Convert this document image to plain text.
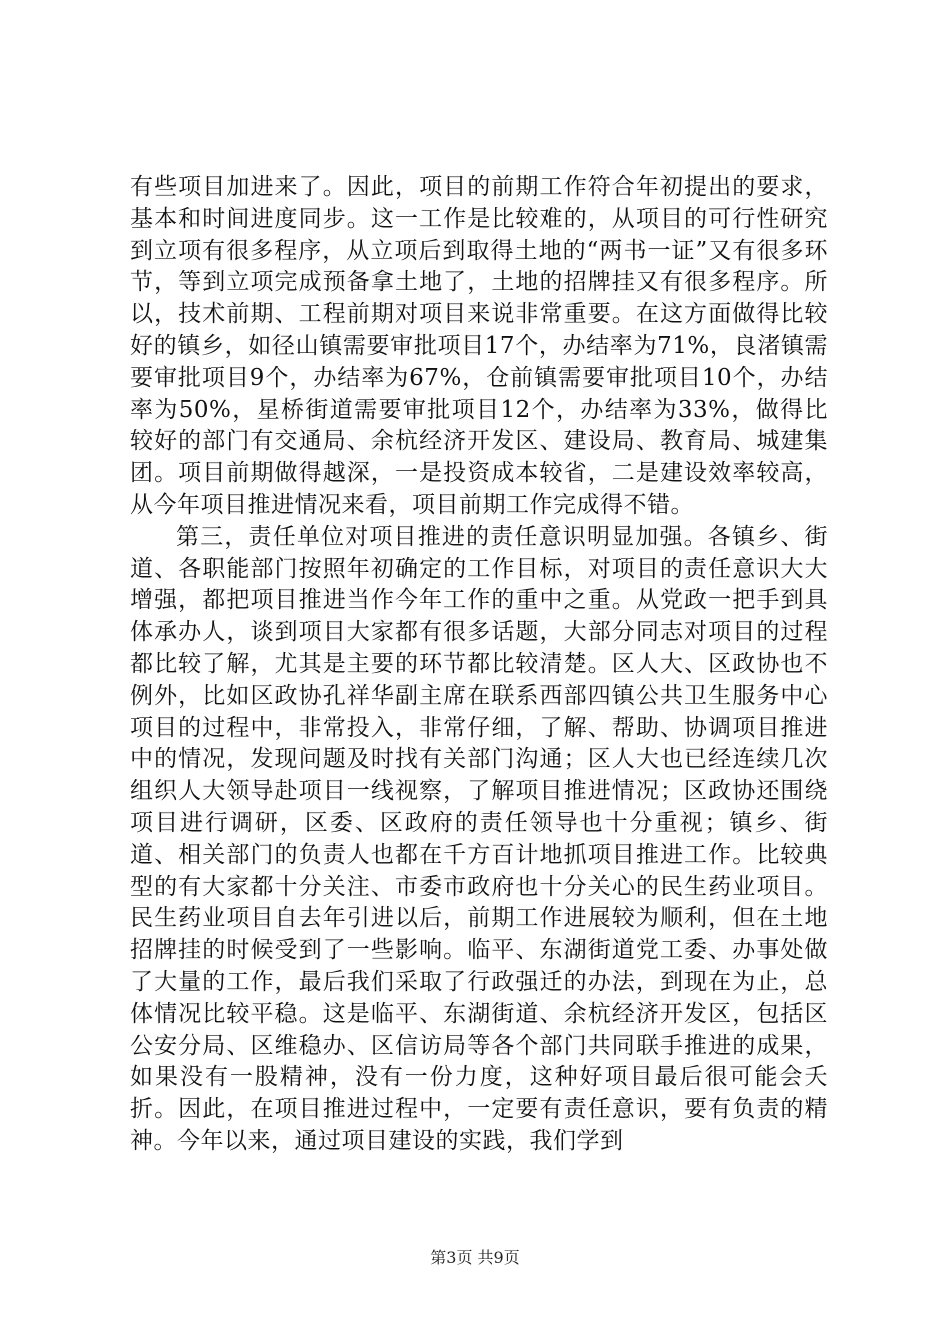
有些项目加进来了。因此，项目的前期工作符合年初提出的要求，基本和时间进度同步。这一工作是比较难的，从项目的可行性研究到立项有很多程序，从立项后到取得土地的“两书一证”又有很多环节，等到立项完成预备拿土地了，土地的招牌挂又有很多程序。所以，技术前期、工程前期对项目来说非常重要。在这方面做得比较好的镇乡，如径山镇需要审批项目17个，办结率为71%，良渚镇需要审批项目9个，办结率为67%，仓前镇需要审批项目10个，办结率为50%，星桥街道需要审批项目12个，办结率为33%，做得比较好的部门有交通局、余杭经济开发区、建设局、教育局、城建集团。项目前期做得越深，一是投资成本较省，二是建设效率较高，从今年项目推进情况来看，项目前期工作完成得不错。

第三，责任单位对项目推进的责任意识明显加强。各镇乡、街道、各职能部门按照年初确定的工作目标，对项目的责任意识大大增强，都把项目推进当作今年工作的重中之重。从党政一把手到具体承办人，谈到项目大家都有很多话题，大部分同志对项目的过程都比较了解，尤其是主要的环节都比较清楚。区人大、区政协也不例外，比如区政协孔祥华副主席在联系西部四镇公共卫生服务中心项目的过程中，非常投入，非常仔细，了解、帮助、协调项目推进中的情况，发现问题及时找有关部门沟通；区人大也已经连续几次组织人大领导赴项目一线视察，了解项目推进情况；区政协还围绕项目进行调研，区委、区政府的责任领导也十分重视；镇乡、街道、相关部门的负责人也都在千方百计地抓项目推进工作。比较典型的有大家都十分关注、市委市政府也十分关心的民生药业项目。民生药业项目自去年引进以后，前期工作进展较为顺利，但在土地招牌挂的时候受到了一些影响。临平、东湖街道党工委、办事处做了大量的工作，最后我们采取了行政强迁的办法，到现在为止，总体情况比较平稳。这是临平、东湖街道、余杭经济开发区，包括区公安分局、区维稳办、区信访局等各个部门共同联手推进的成果，如果没有一股精神，没有一份力度，这种好项目最后很可能会夭折。因此，在项目推进过程中，一定要有责任意识，要有负责的精神。今年以来，通过项目建设的实践，我们学到

第3页 共9页
